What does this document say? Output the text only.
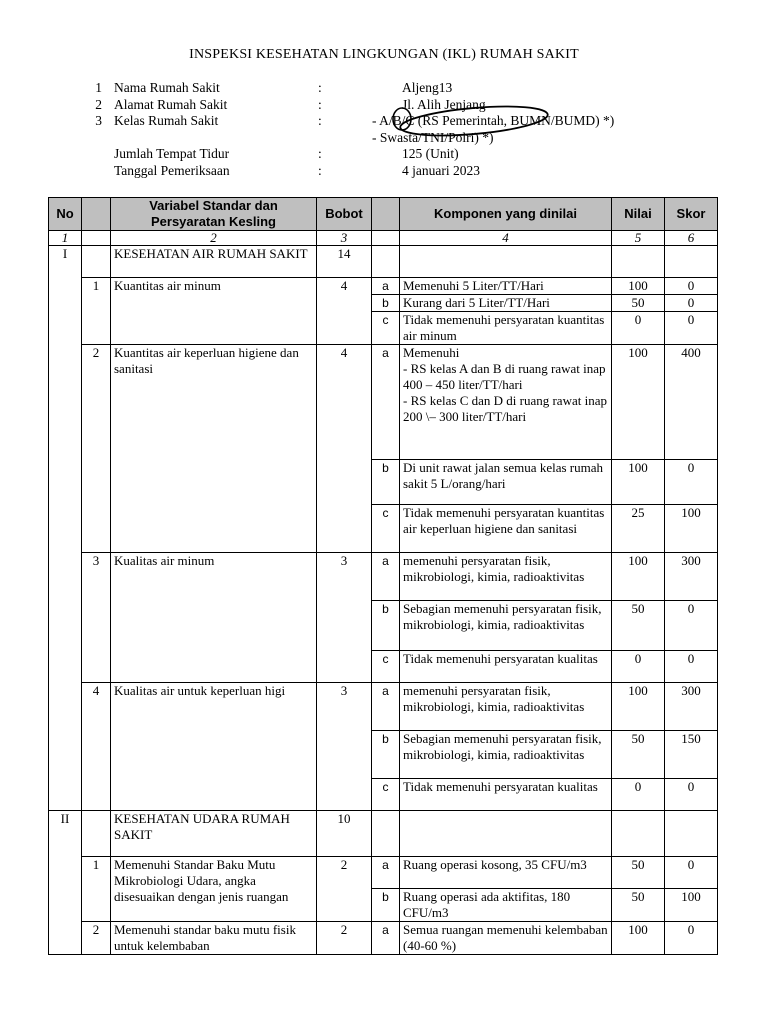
INSPEKSI KESEHATAN LINGKUNGAN (IKL) RUMAH SAKIT
1 Nama Rumah Sakit	:	Aljeng13
2 Alamat Rumah Sakit	:	Jl. Alih Jenjang
3 Kelas Rumah Sakit	:	- A/B/C (RS Pemerintah, BUMN/BUMD) *)
- Swasta/TNI/Polri) *)
Jumlah Tempat Tidur	:	125 (Unit)
Tanggal Pemeriksaan	:	4 januari 2023
No		Variabel Standar dan Persyaratan Kesling	Bobot		Komponen yang dinilai	Nilai	Skor
1		2	3		4	5	6
I		KESEHATAN AIR RUMAH SAKIT	14				
	1	Kuantitas air minum	4	a	Memenuhi 5 Liter/TT/Hari	100	0
				b	Kurang dari 5 Liter/TT/Hari	50	0
				c	Tidak memenuhi persyaratan kuantitas air minum	0	0
	2	Kuantitas air keperluan higiene dan sanitasi	4	a	Memenuhi
- RS kelas A dan B di ruang rawat inap 400 – 450 liter/TT/hari
- RS kelas C dan D di ruang rawat inap 200 \– 300 liter/TT/hari	100	400
				b	Di unit rawat jalan semua kelas rumah sakit 5 L/orang/hari	100	0
				c	Tidak memenuhi persyaratan kuantitas air keperluan higiene dan sanitasi	25	100
	3	Kualitas air minum	3	a	memenuhi persyaratan fisik, mikrobiologi, kimia, radioaktivitas	100	300
				b	Sebagian memenuhi persyaratan fisik, mikrobiologi, kimia, radioaktivitas	50	0
				c	Tidak memenuhi persyaratan kualitas	0	0
	4	Kualitas air untuk keperluan higi	3	a	memenuhi persyaratan fisik, mikrobiologi, kimia, radioaktivitas	100	300
				b	Sebagian memenuhi persyaratan fisik, mikrobiologi, kimia, radioaktivitas	50	150
				c	Tidak memenuhi persyaratan kualitas	0	0
II		KESEHATAN UDARA RUMAH SAKIT	10				
	1	Memenuhi Standar Baku Mutu Mikrobiologi Udara, angka disesuaikan dengan jenis ruangan	2	a	Ruang operasi kosong, 35 CFU/m3	50	0
				b	Ruang operasi ada aktifitas, 180 CFU/m3	50	100
	2	Memenuhi standar baku mutu fisik untuk kelembaban	2	a	Semua ruangan memenuhi kelembaban (40-60 %)	100	0
